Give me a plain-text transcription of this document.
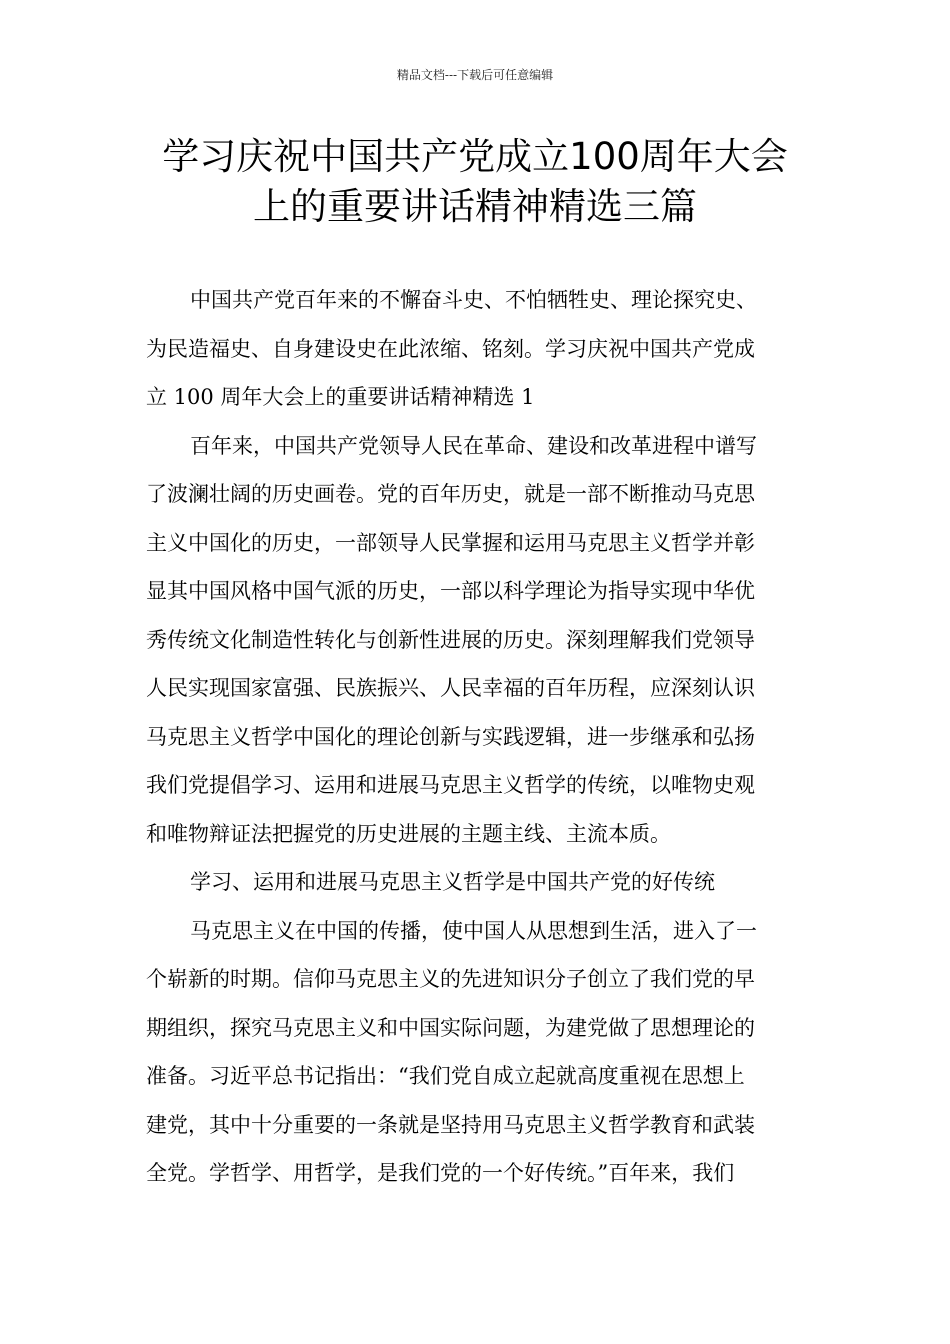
精品文档---下载后可任意编辑
学习庆祝中国共产党成立100周年大会
上的重要讲话精神精选三篇
中国共产党百年来的不懈奋斗史、不怕牺牲史、理论探究史、
为民造福史、自身建设史在此浓缩、铭刻。学习庆祝中国共产党成
立 100 周年大会上的重要讲话精神精选 1
百年来，中国共产党领导人民在革命、建设和改革进程中谱写
了波澜壮阔的历史画卷。党的百年历史，就是一部不断推动马克思
主义中国化的历史，一部领导人民掌握和运用马克思主义哲学并彰
显其中国风格中国气派的历史，一部以科学理论为指导实现中华优
秀传统文化制造性转化与创新性进展的历史。深刻理解我们党领导
人民实现国家富强、民族振兴、人民幸福的百年历程，应深刻认识
马克思主义哲学中国化的理论创新与实践逻辑，进一步继承和弘扬
我们党提倡学习、运用和进展马克思主义哲学的传统，以唯物史观
和唯物辩证法把握党的历史进展的主题主线、主流本质。
学习、运用和进展马克思主义哲学是中国共产党的好传统
马克思主义在中国的传播，使中国人从思想到生活，进入了一
个崭新的时期。信仰马克思主义的先进知识分子创立了我们党的早
期组织，探究马克思主义和中国实际问题，为建党做了思想理论的
准备。习近平总书记指出：“我们党自成立起就高度重视在思想上
建党，其中十分重要的一条就是坚持用马克思主义哲学教育和武装
全党。学哲学、用哲学，是我们党的一个好传统。”百年来，我们
